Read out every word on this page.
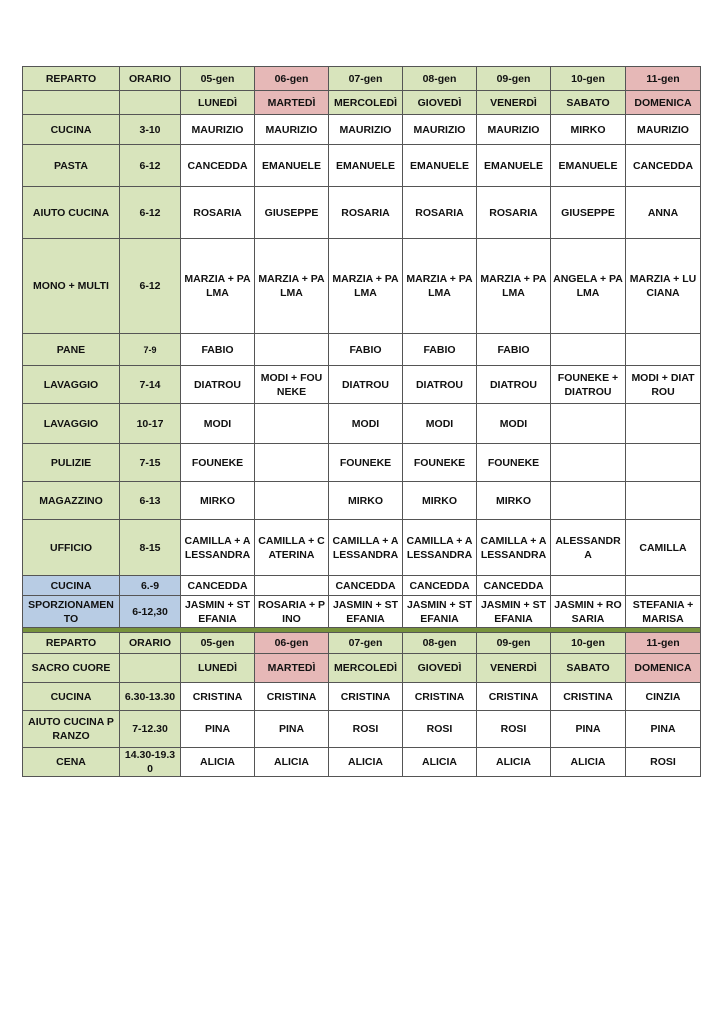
REPARTO	ORARIO	05-gen	06-gen	07-gen	08-gen	09-gen	10-gen	11-gen
		LUNEDÌ	MARTEDÌ	MERCOLEDÌ	GIOVEDÌ	VENERDÌ	SABATO	DOMENICA
CUCINA	3-10	MAURIZIO	MAURIZIO	MAURIZIO	MAURIZIO	MAURIZIO	MIRKO	MAURIZIO
PASTA	6-12	CANCEDDA	EMANUELE	EMANUELE	EMANUELE	EMANUELE	EMANUELE	CANCEDDA
AIUTO CUCINA	6-12	ROSARIA	GIUSEPPE	ROSARIA	ROSARIA	ROSARIA	GIUSEPPE	ANNA
MONO + MULTI	6-12	MARZIA + PALMA	MARZIA + PALMA	MARZIA + PALMA	MARZIA + PALMA	MARZIA + PALMA	ANGELA + PALMA	MARZIA + LUCIANA
PANE	7-9	FABIO		FABIO	FABIO	FABIO		
LAVAGGIO	7-14	DIATROU	MODI + FOUNEKE	DIATROU	DIATROU	DIATROU	FOUNEKE + DIATROU	MODI + DIATROU
LAVAGGIO	10-17	MODI		MODI	MODI	MODI		
PULIZIE	7-15	FOUNEKE		FOUNEKE	FOUNEKE	FOUNEKE		
MAGAZZINO	6-13	MIRKO		MIRKO	MIRKO	MIRKO		
UFFICIO	8-15	CAMILLA + ALESSANDRA	CAMILLA + CATERINA	CAMILLA + ALESSANDRA	CAMILLA + ALESSANDRA	CAMILLA + ALESSANDRA	ALESSANDRA	CAMILLA
CUCINA	6.-9	CANCEDDA		CANCEDDA	CANCEDDA	CANCEDDA		
SPORZIONAMENTO	6-12,30	JASMIN + STEFANIA	ROSARIA + PINO	JASMIN + STEFANIA	JASMIN + STEFANIA	JASMIN + STEFANIA	JASMIN + ROSARIA	STEFANIA + MARISA

REPARTO	ORARIO	05-gen	06-gen	07-gen	08-gen	09-gen	10-gen	11-gen
SACRO CUORE		LUNEDÌ	MARTEDÌ	MERCOLEDÌ	GIOVEDÌ	VENERDÌ	SABATO	DOMENICA
CUCINA	6.30-13.30	CRISTINA	CRISTINA	CRISTINA	CRISTINA	CRISTINA	CRISTINA	CINZIA
AIUTO CUCINA PRANZO	7-12.30	PINA	PINA	ROSI	ROSI	ROSI	PINA	PINA
CENA	14.30-19.30	ALICIA	ALICIA	ALICIA	ALICIA	ALICIA	ALICIA	ROSI
